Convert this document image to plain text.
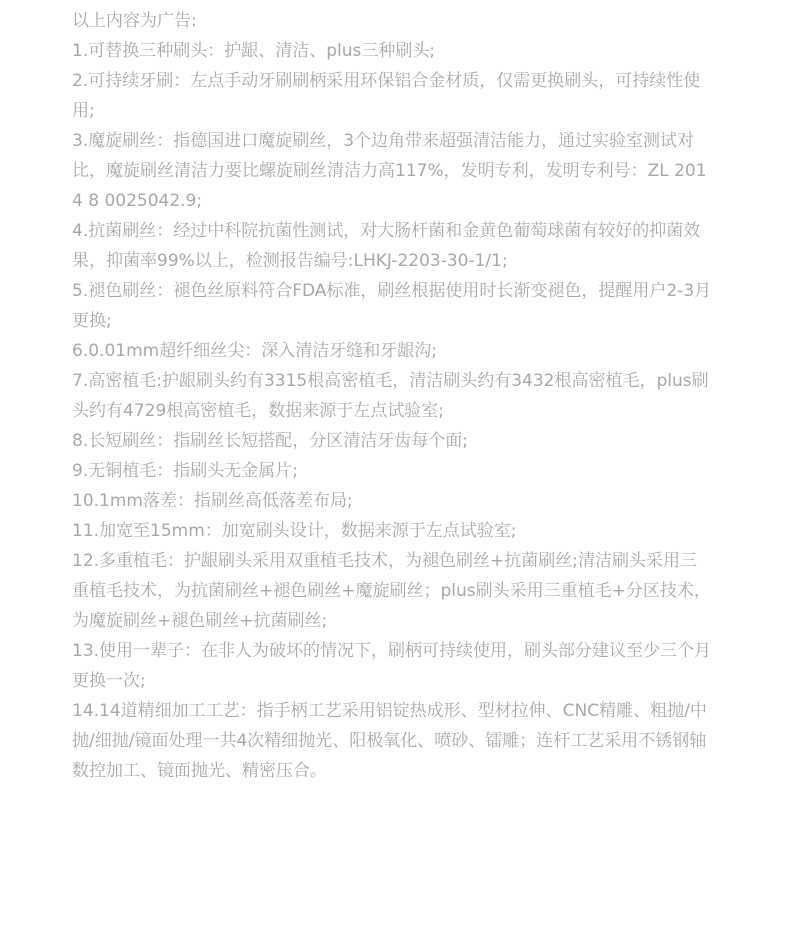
以上内容为广告:

1.可替换三种刷头：护龈、清洁、plus三种刷头;

2.可持续牙刷：左点手动牙刷刷柄采用环保铝合金材质，仅需更换刷头，可持续性使用;

3.魔旋刷丝：指德国进口魔旋刷丝，3个边角带来超强清洁能力，通过实验室测试对比，魔旋刷丝清洁力要比螺旋刷丝清洁力高117%，发明专利，发明专利号：ZL 2014 8 0025042.9;

4.抗菌刷丝：经过中科院抗菌性测试，对大肠杆菌和金黄色葡萄球菌有较好的抑菌效果，抑菌率99%以上，检测报告编号:LHKJ-2203-30-1/1;

5.褪色刷丝：褪色丝原料符合FDA标准，刷丝根据使用时长渐变褪色，提醒用户2-3月更换;

6.0.01mm超纤细丝尖：深入清洁牙缝和牙龈沟;

7.高密植毛:护龈刷头约有3315根高密植毛，清洁刷头约有3432根高密植毛，plus刷头约有4729根高密植毛，数据来源于左点试验室;

8.长短刷丝：指刷丝长短搭配，分区清洁牙齿每个面;

9.无铜植毛：指刷头无金属片;

10.1mm落差：指刷丝高低落差布局;

11.加宽至15mm：加宽刷头设计，数据来源于左点试验室;

12.多重植毛：护龈刷头采用双重植毛技术，为褪色刷丝+抗菌刷丝;清洁刷头采用三重植毛技术，为抗菌刷丝+褪色刷丝+魔旋刷丝；plus刷头采用三重植毛+分区技术，为魔旋刷丝+褪色刷丝+抗菌刷丝;

13.使用一辈子：在非人为破坏的情况下，刷柄可持续使用，刷头部分建议至少三个月更换一次;

14.14道精细加工工艺：指手柄工艺采用铝锭热成形、型材拉伸、CNC精雕、粗抛/中抛/细抛/镜面处理一共4次精细抛光、阳极氧化、喷砂、镭雕；连杆工艺采用不锈钢轴数控加工、镜面抛光、精密压合。
